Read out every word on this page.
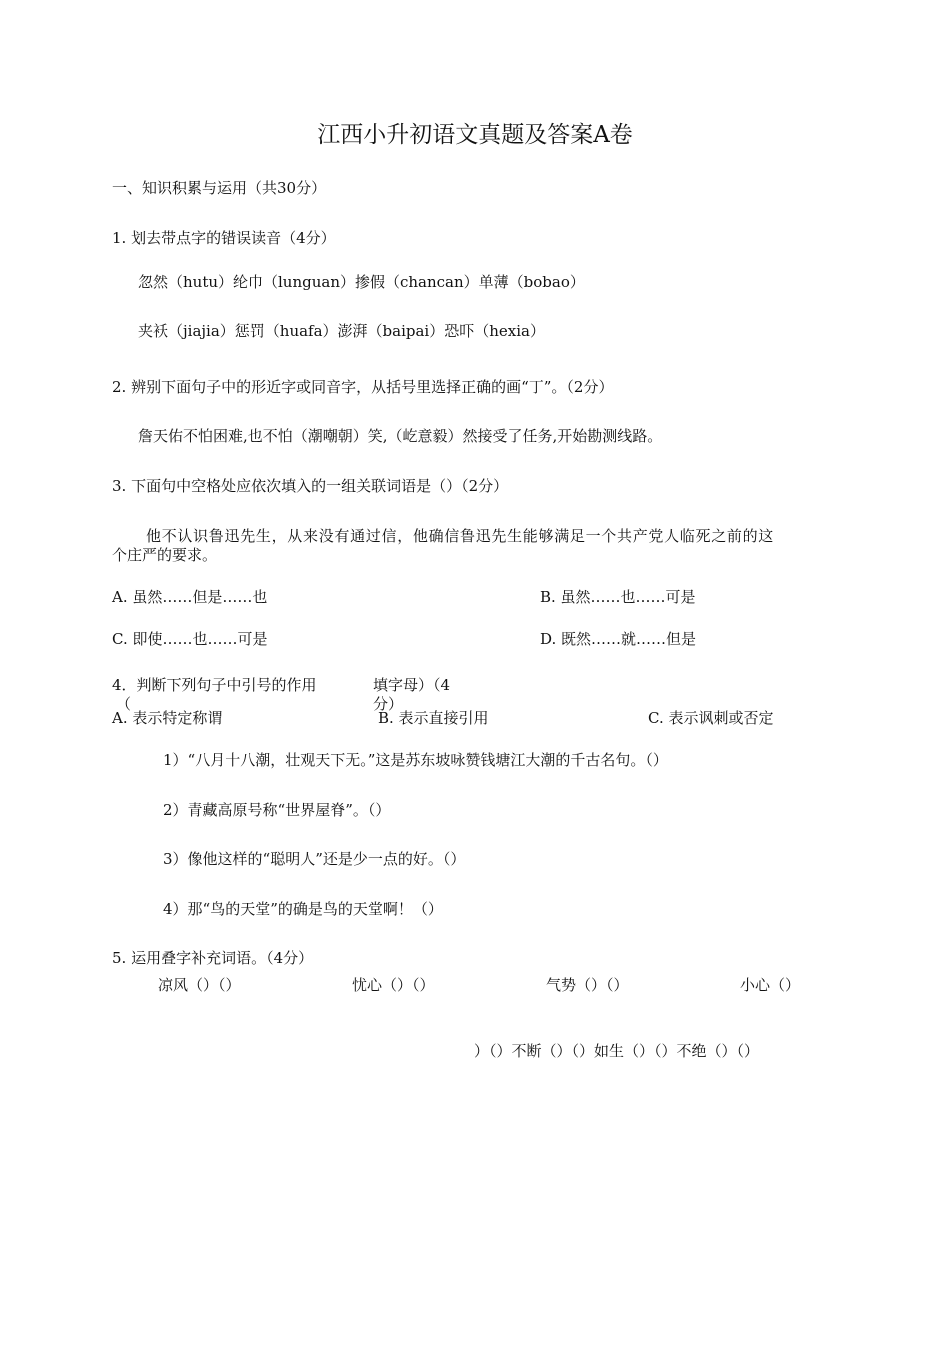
江西小升初语文真题及答案A卷
一、知识积累与运用（共30分）
1. 划去带点字的错误读音（4分）
忽然（hutu）纶巾（lunguan）掺假（chancan）单薄（bobao）
夹袄（jiajia）惩罚（huafa）澎湃（baipai）恐吓（hexia）
2. 辨别下面句子中的形近字或同音字，从括号里选择正确的画“丁”。（2分）
詹天佑不怕困难,也不怕（潮嘲朝）笑,（屹意毅）然接受了任务,开始勘测线路。
3. 下面句中空格处应依次填入的一组关联词语是（）（2分）
他不认识鲁迅先生，从来没有通过信，他确信鲁迅先生能够满足一个共产党人临死之前的这
个庄严的要求。
A. 虽然……但是……也	B. 虽然……也……可是
C. 即使……也……可是	D. 既然……就……但是
4．判断下列句子中引号的作用
（
填字母）（4
分）
A. 表示特定称谓	B. 表示直接引用	C. 表示讽刺或否定
1）“八月十八潮，壮观天下无。”这是苏东坡咏赞钱塘江大潮的千古名句。（）
2）青藏高原号称“世界屋脊”。（）
3）像他这样的“聪明人”还是少一点的好。（）
4）那“鸟的天堂”的确是鸟的天堂啊！（）
5. 运用叠字补充词语。（4分）
凉风（）（）	忧心（）（）	气势（）（）	小心（）
）（）不断（）（）如生（）（）不绝（）（）
